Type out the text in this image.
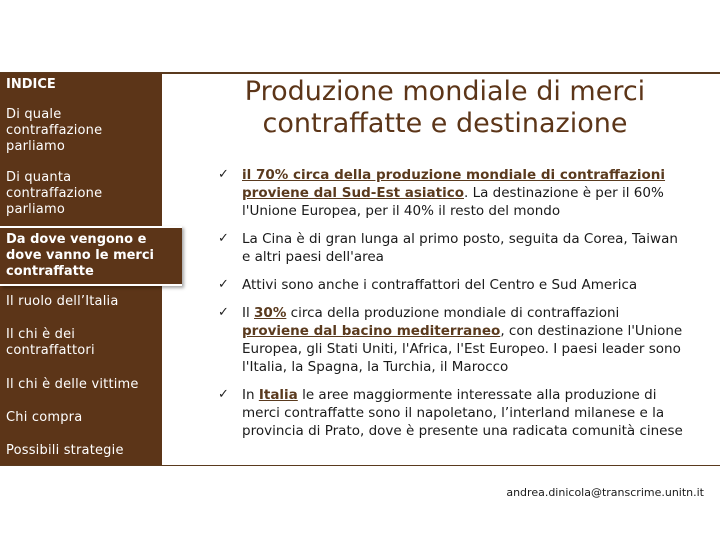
INDICE
Di quale contraffazione parliamo
Di quanta contraffazione parliamo
Da dove vengono e dove vanno le merci contraffatte
Il ruolo dell’Italia
Il chi è dei contraffattori
Il chi è delle vittime
Chi compra
Possibili strategie
Produzione mondiale di merci contraffatte e destinazione
✓ il 70% circa della produzione mondiale di contraffazioni proviene dal Sud-Est asiatico. La destinazione è per il 60% l'Unione Europea, per il 40% il resto del mondo
✓ La Cina è di gran lunga al primo posto, seguita da Corea, Taiwan e altri paesi dell'area
✓ Attivi sono anche i contraffattori del Centro e Sud America
✓ Il 30% circa della produzione mondiale di contraffazioni proviene dal bacino mediterraneo, con destinazione l'Unione Europea, gli Stati Uniti, l'Africa, l'Est Europeo. I paesi leader sono l'Italia, la Spagna, la Turchia, il Marocco
✓ In Italia le aree maggiormente interessate alla produzione di merci contraffatte sono il napoletano, l’interland milanese e la provincia di Prato, dove è presente una radicata comunità cinese
andrea.dinicola@transcrime.unitn.it
